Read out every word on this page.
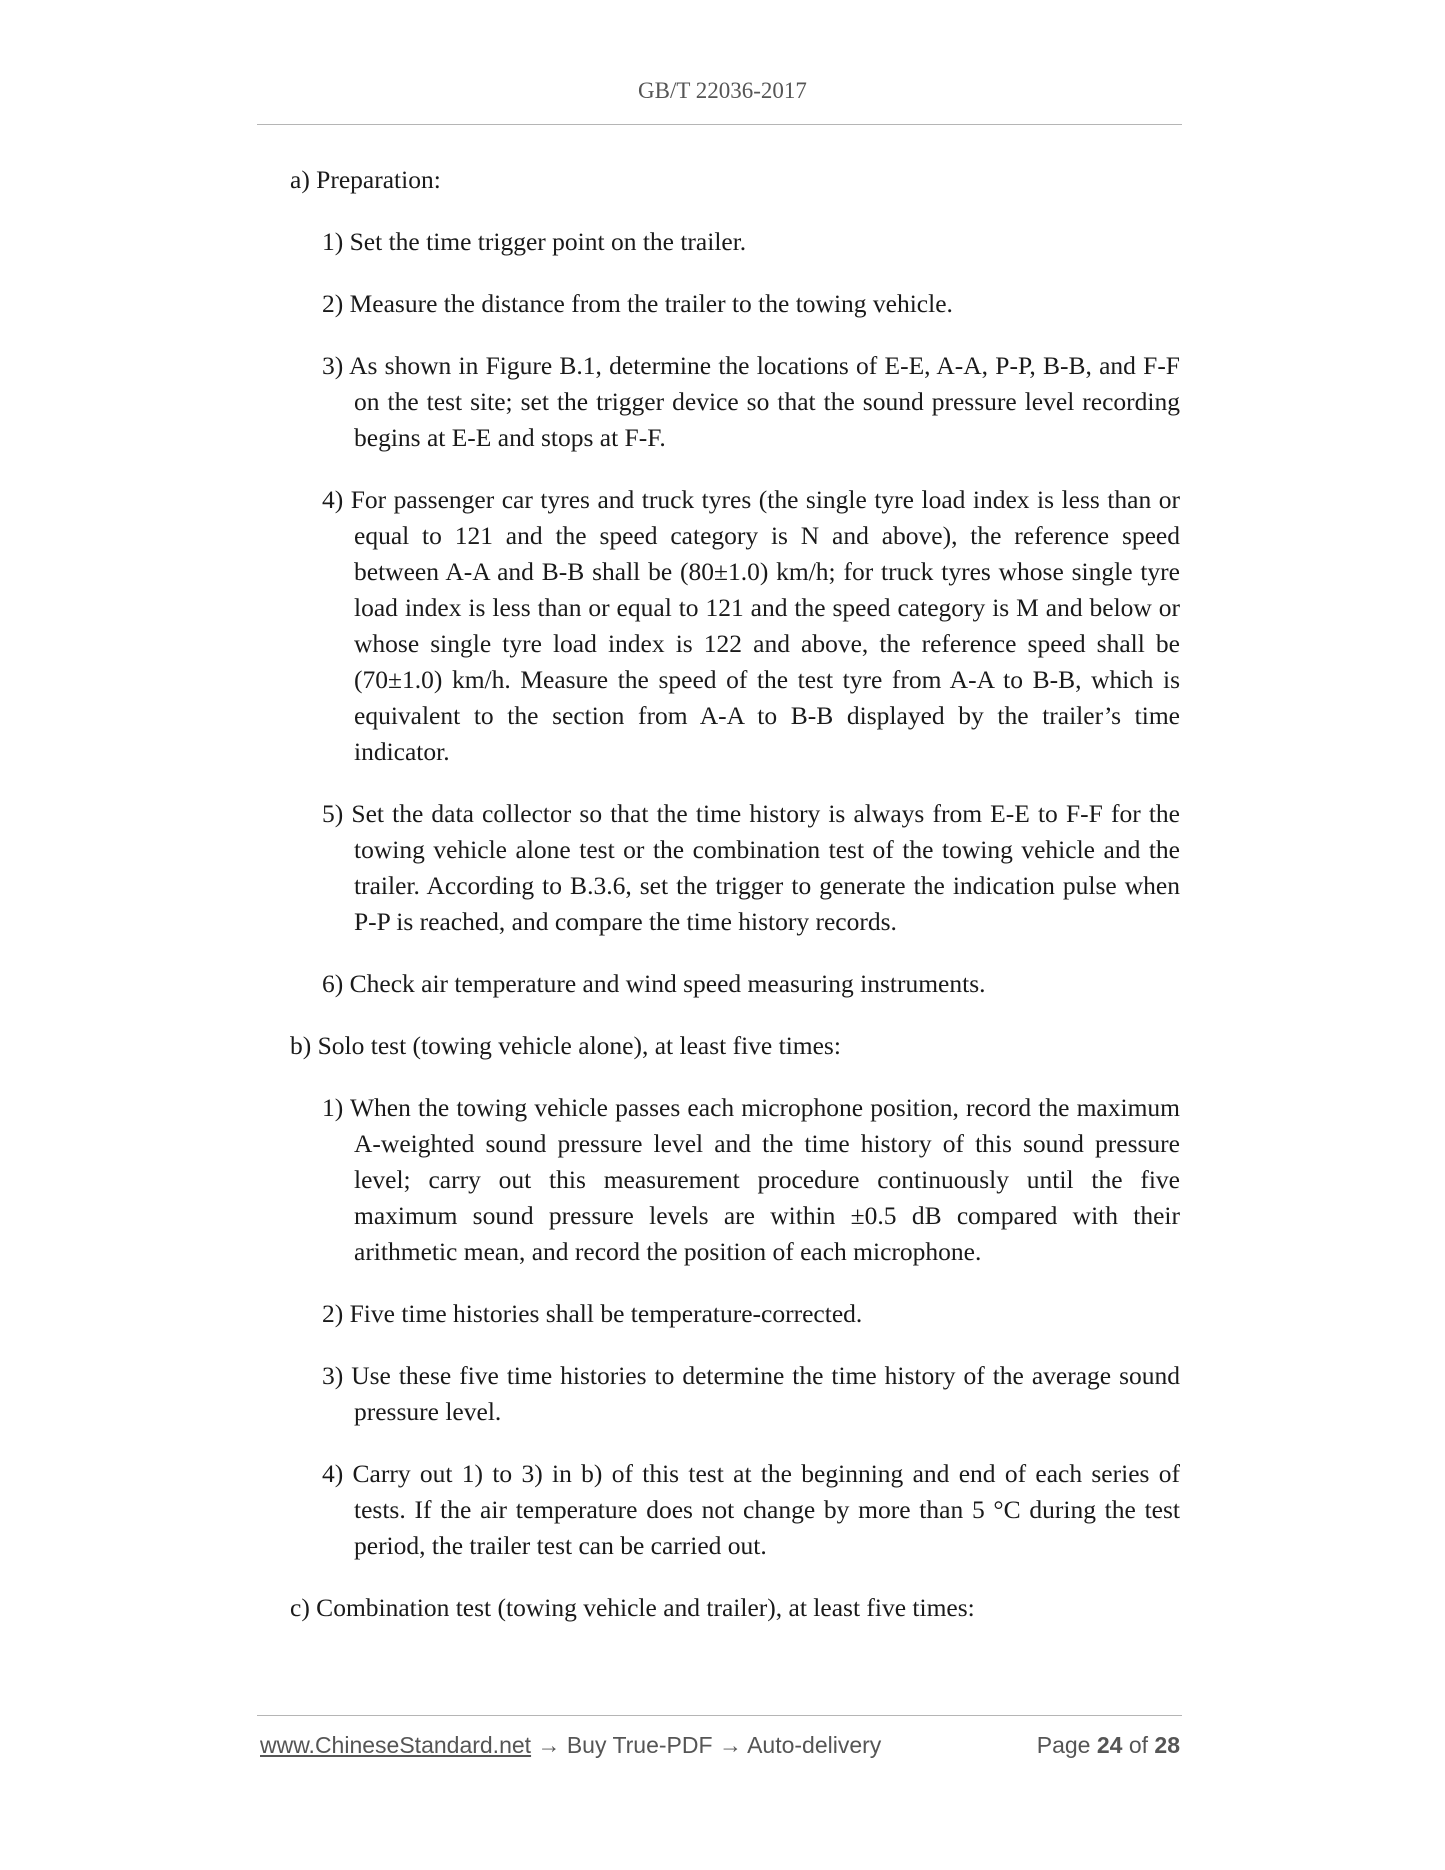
GB/T 22036-2017

a) Preparation:

1) Set the time trigger point on the trailer.

2) Measure the distance from the trailer to the towing vehicle.

3) As shown in Figure B.1, determine the locations of E-E, A-A, P-P, B-B, and F-F on the test site; set the trigger device so that the sound pressure level recording begins at E-E and stops at F-F.

4) For passenger car tyres and truck tyres (the single tyre load index is less than or equal to 121 and the speed category is N and above), the reference speed between A-A and B-B shall be (80±1.0) km/h; for truck tyres whose single tyre load index is less than or equal to 121 and the speed category is M and below or whose single tyre load index is 122 and above, the reference speed shall be (70±1.0) km/h. Measure the speed of the test tyre from A-A to B-B, which is equivalent to the section from A-A to B-B displayed by the trailer’s time indicator.

5) Set the data collector so that the time history is always from E-E to F-F for the towing vehicle alone test or the combination test of the towing vehicle and the trailer. According to B.3.6, set the trigger to generate the indication pulse when P-P is reached, and compare the time history records.

6) Check air temperature and wind speed measuring instruments.

b) Solo test (towing vehicle alone), at least five times:

1) When the towing vehicle passes each microphone position, record the maximum A-weighted sound pressure level and the time history of this sound pressure level; carry out this measurement procedure continuously until the five maximum sound pressure levels are within ±0.5 dB compared with their arithmetic mean, and record the position of each microphone.

2) Five time histories shall be temperature-corrected.

3) Use these five time histories to determine the time history of the average sound pressure level.

4) Carry out 1) to 3) in b) of this test at the beginning and end of each series of tests. If the air temperature does not change by more than 5 °C during the test period, the trailer test can be carried out.

c) Combination test (towing vehicle and trailer), at least five times:

www.ChineseStandard.net → Buy True-PDF → Auto-delivery	Page 24 of 28
